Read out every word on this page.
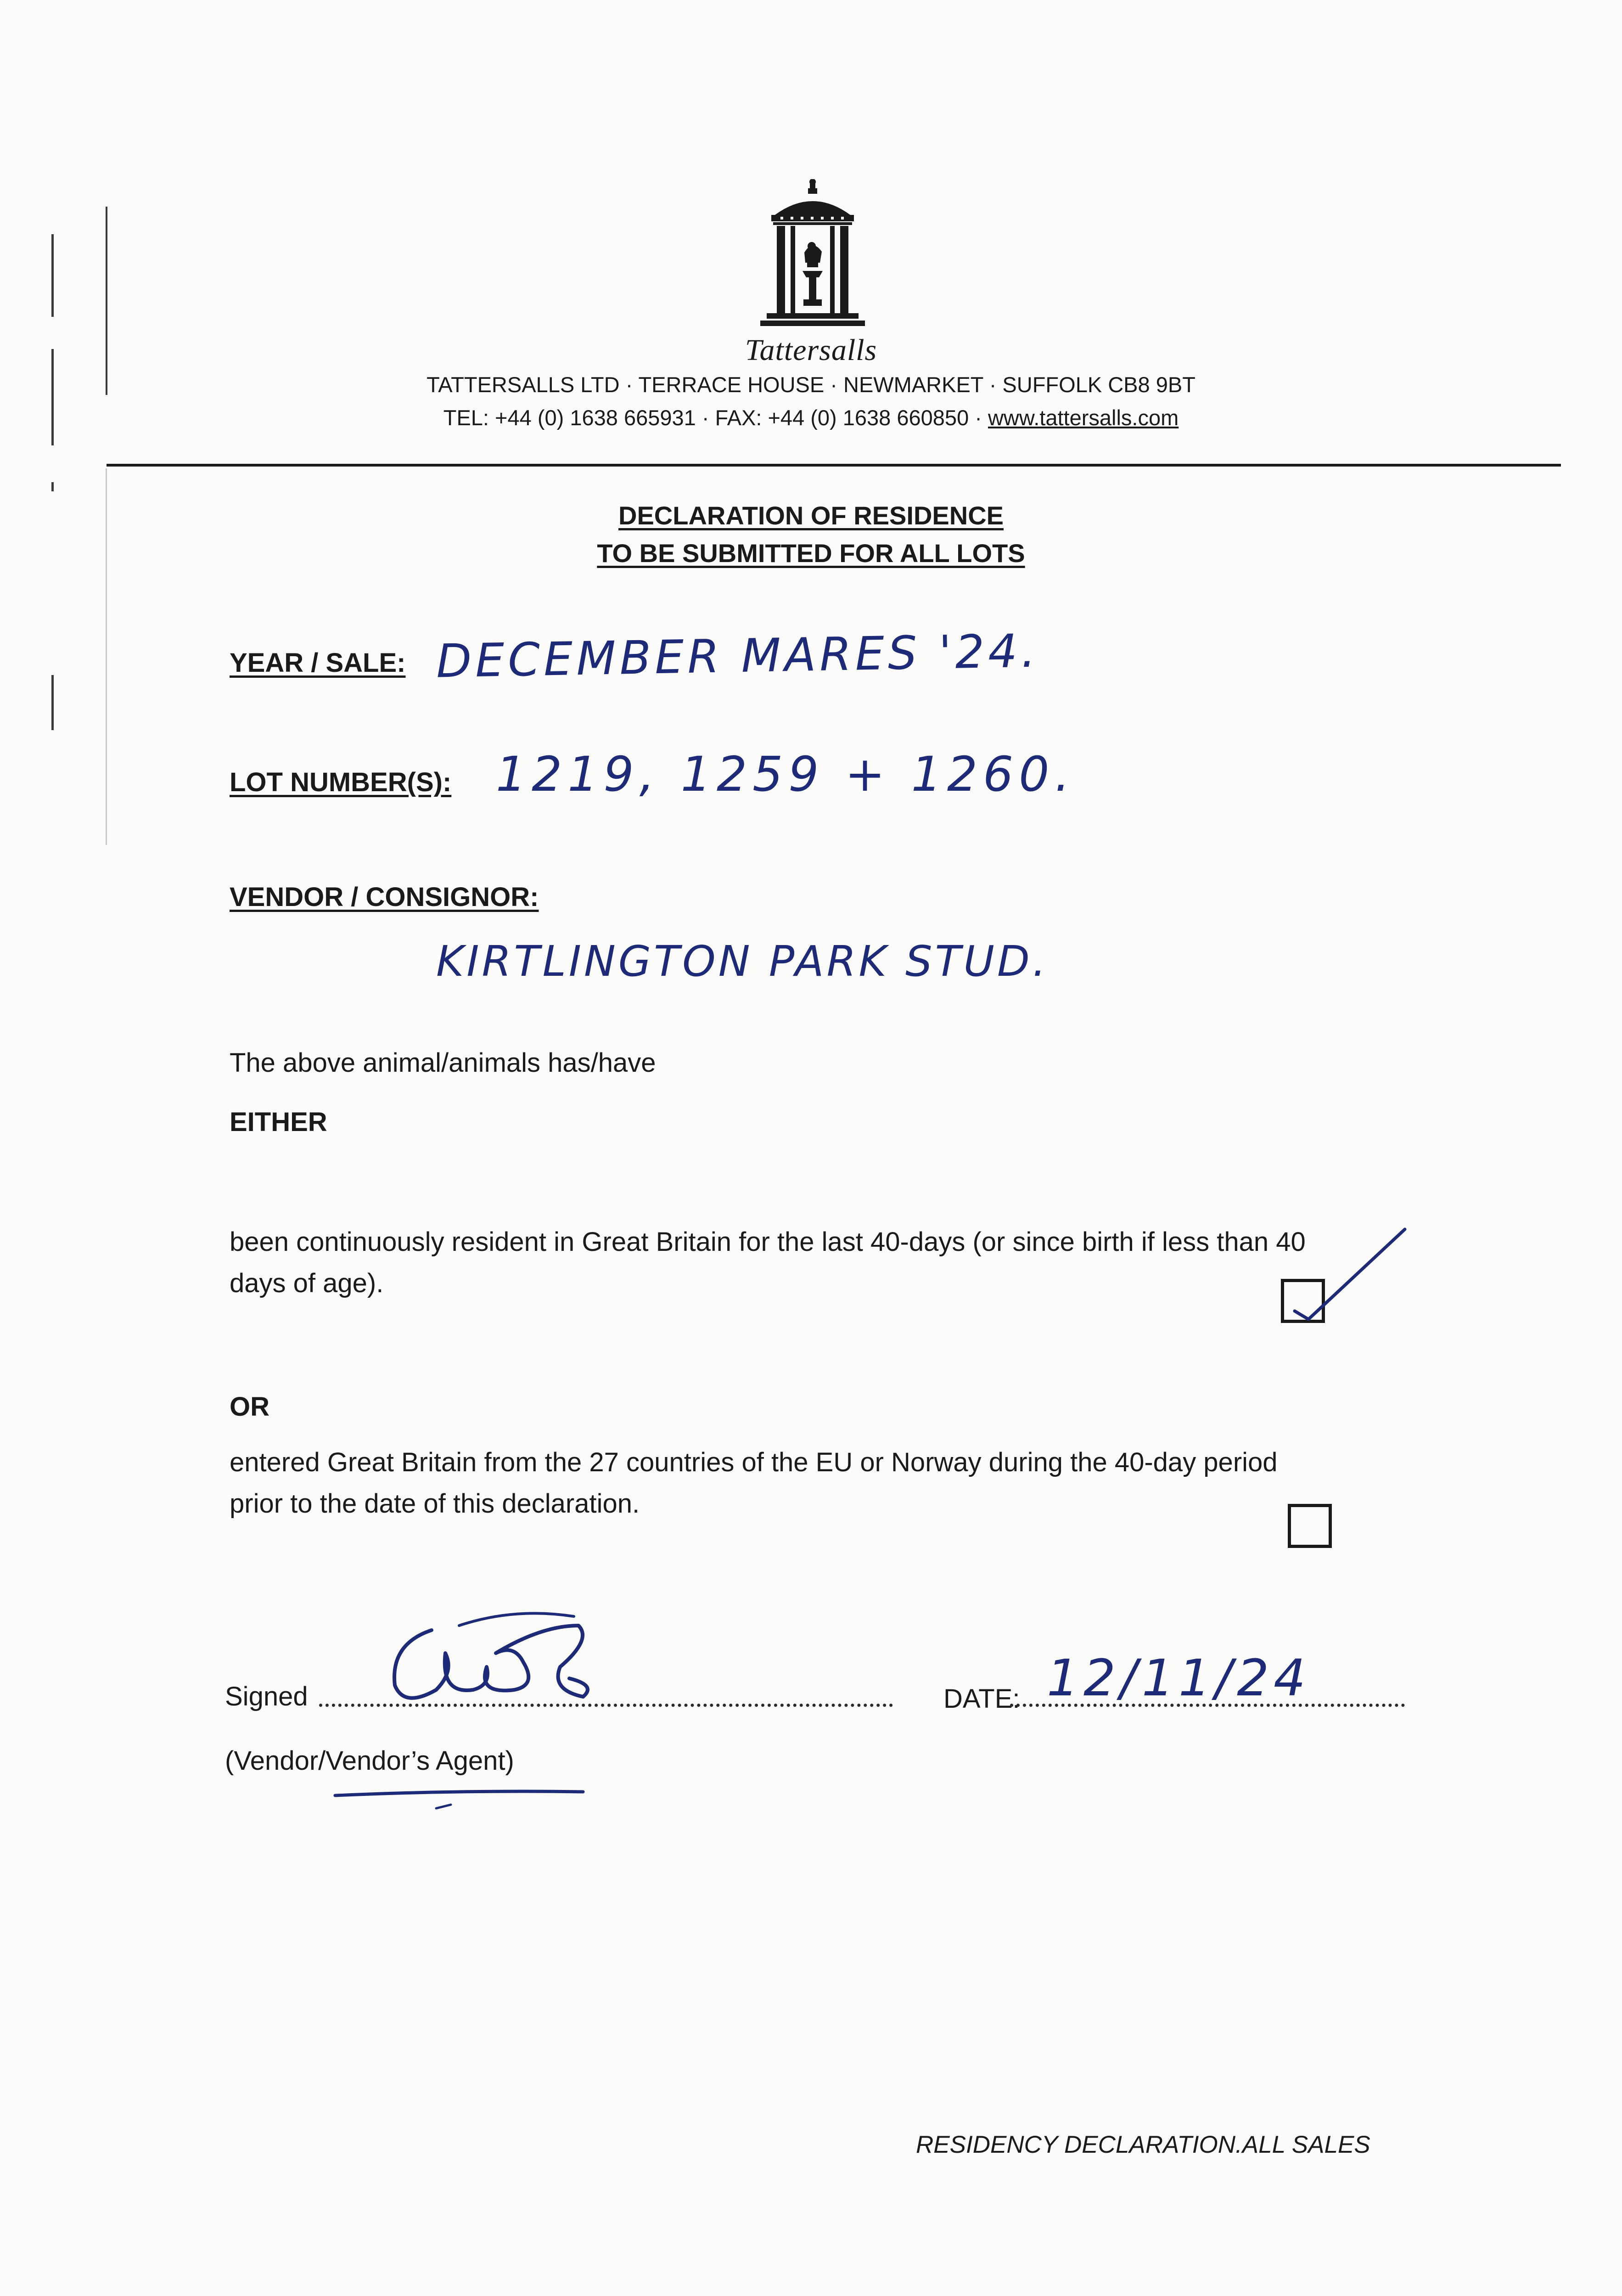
Tattersalls
TATTERSALLS LTD · TERRACE HOUSE · NEWMARKET · SUFFOLK CB8 9BT
TEL: +44 (0) 1638 665931 · FAX: +44 (0) 1638 660850 · www.tattersalls.com
DECLARATION OF RESIDENCE
TO BE SUBMITTED FOR ALL LOTS
YEAR / SALE: DECEMBER MARES '24.
LOT NUMBER(S): 1219, 1259 + 1260.
VENDOR / CONSIGNOR:
KIRTLINGTON PARK STUD.
The above animal/animals has/have
EITHER
been continuously resident in Great Britain for the last 40-days (or since birth if less than 40
days of age).
OR
entered Great Britain from the 27 countries of the EU or Norway during the 40-day period
prior to the date of this declaration.
Signed	DATE: 12/11/24
(Vendor/Vendor’s Agent)
RESIDENCY DECLARATION.ALL SALES
